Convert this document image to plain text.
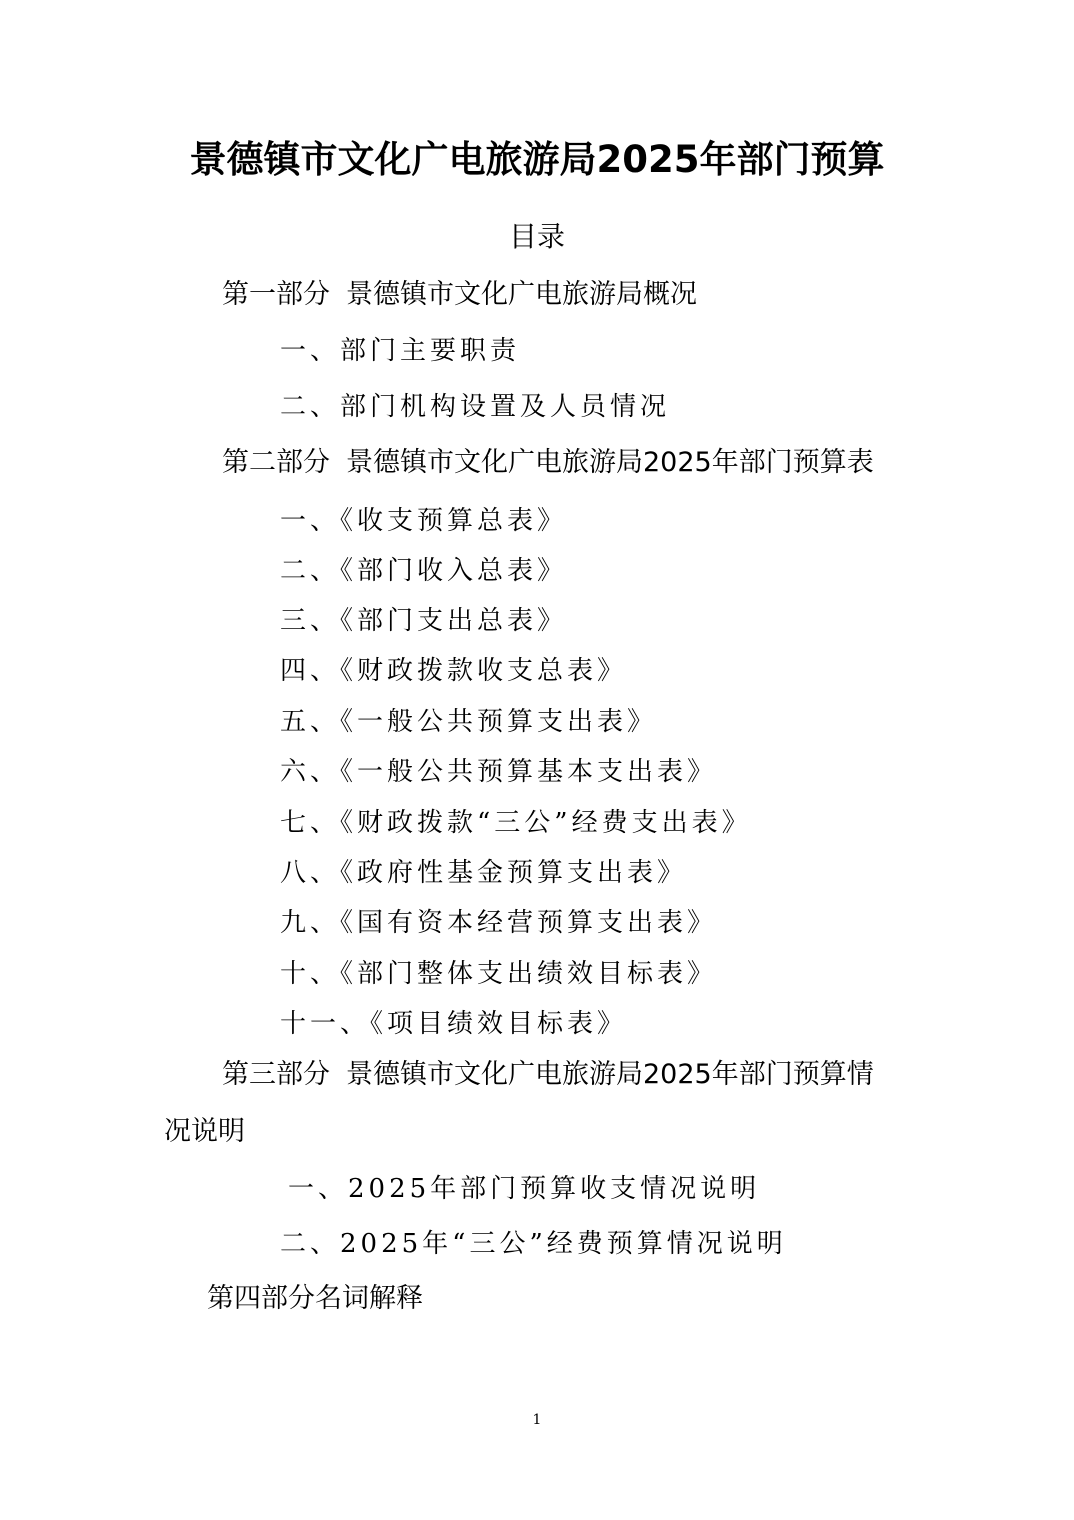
景德镇市文化广电旅游局2025年部门预算
目录
第一部分 景德镇市文化广电旅游局概况
一、部门主要职责
二、部门机构设置及人员情况
第二部分 景德镇市文化广电旅游局2025年部门预算表
一、《收支预算总表》
二、《部门收入总表》
三、《部门支出总表》
四、《财政拨款收支总表》
五、《一般公共预算支出表》
六、《一般公共预算基本支出表》
七、《财政拨款“三公”经费支出表》
八、《政府性基金预算支出表》
九、《国有资本经营预算支出表》
十、《部门整体支出绩效目标表》
十一、《项目绩效目标表》
第三部分 景德镇市文化广电旅游局2025年部门预算情
况说明
一、2025年部门预算收支情况说明
二、2025年“三公”经费预算情况说明
第四部分名词解释
1
